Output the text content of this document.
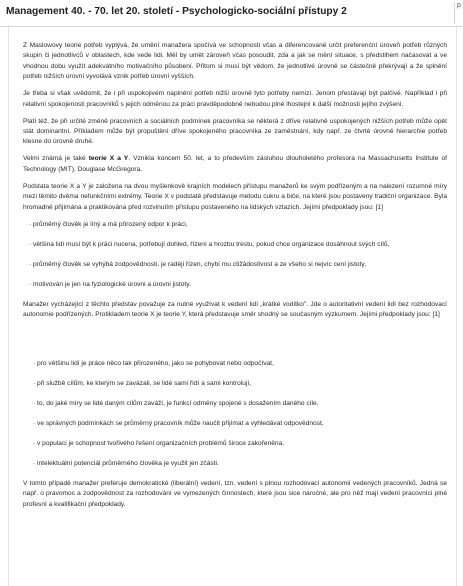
Management 40. - 70. let 20. století - Psychologicko-sociální přístupy 2
p

Z Maslowovy teorie potřeb vyplývá, že umění manažera spočívá ve schopnosti včas a diferencovaně určit preferenční úroveň potřeb různých skupin či jednotlivců v oblastech, kde vede lidi. Měl by umět zároveň včas posoudit, zda a jak se mění situace, s předstihem načasovat a ve vhodnou dobu využít adekvátního motivačního působení. Přitom si musí být vědom, že jednotlivé úrovně se částečně překrývají a že splnění potřeb nižších úrovní vyvolává vznik potřeb úrovní vyšších.

Je třeba si však uvědomit, že i při uspokojivém naplnění potřeb nižší úrovně tyto potřeby nemizí. Jenom přestávají být palčivé. Například i při relativní spokojenosti pracovníků s jejich odměnou za práci pravděpodobně nebudou plně lhostejní k další možnosti jejího zvýšení.

Platí též, že při určité změně pracovních a sociálních podmínek pracovníka se některá z dříve relativně uspokojených nižších potřeb může opět stát dominantní. Příkladem může být propuštění dříve spokojeného pracovníka ze zaměstnání, kdy např. ze čtvrté úrovně hierarchie potřeb klesne do úrovně druhé.

Velmi známá je také teorie X a Y. Vznikla koncem 50. let, a to především zásluhou dlouholetého profesora na Massachusetts Institute of Technology (MIT), Douglase McGregora.

Podstata teorie X a Y je založena na dvou myšlenkově krajních modelech přístupu manažerů ke svým podřízeným a na nalezení rozumné míry mezi těmito dvěma nefunkčními extrémy. Teorie X v podstatě představuje metodu cukru a biče, na které jsou postaveny tradiční organizace. Byla hromadně přijímána a praktikována před rozvinutím přístupu postaveného na lidských vztazích. Jejími předpoklady jsou: [1]

· průměrný člověk je líný a má přirozený odpor k práci,
· většina lidí musí být k práci nucena, potřebují dohled, řízení a hrozbu trestu, pokud chce organizace dosáhnout svých cílů,
· průměrný člověk se vyhýbá zodpovědnosti, je raději řízen, chybí mu ctižádostivost a ze všeho si nejvíc cení jistoty,
· motivován je jen na fyziologické úrovni a úrovni jistoty.

Manažer vycházející z těchto představ považuje za nutné využívat k vedení lidí „krátké vodítko". Jde o autoritativní vedení lidí bez rozhodovací autonomie podřízených. Protikladem teorie X je teorie Y, která představuje směr shodný se současným výzkumem. Jejími předpoklady jsou: [1]

· pro většinu lidí je práce něco tak přirozeného, jako se pohybovat nebo odpočívat,
· při službě cílům, ke kterým se zavázali, se lidé sami řídí a sami kontrolují,
· to, do jaké míry se lidé daným cílům zaváží, je funkcí odměny spojené s dosažením daného cíle,
· ve správných podmínkách se průměrný pracovník může naučit přijímat a vyhledávat odpovědnost,
· v populaci je schopnost tvořivého řešení organizačních problémů široce zakořeněna,
· intelektuální potenciál průměrného člověka je využit jen zčásti.

V tomto případě manažer preferuje demokratické (liberální) vedení, tzn. vedení s plnou rozhodovací autonomií vedených pracovníků. Jedná se např. o pravomoc a zodpovědnost za rozhodování ve vymezených činnostech, které jsou sice náročné, ale pro něž mají vedení pracovníci plné profesní a kvalifikační předpoklady.
